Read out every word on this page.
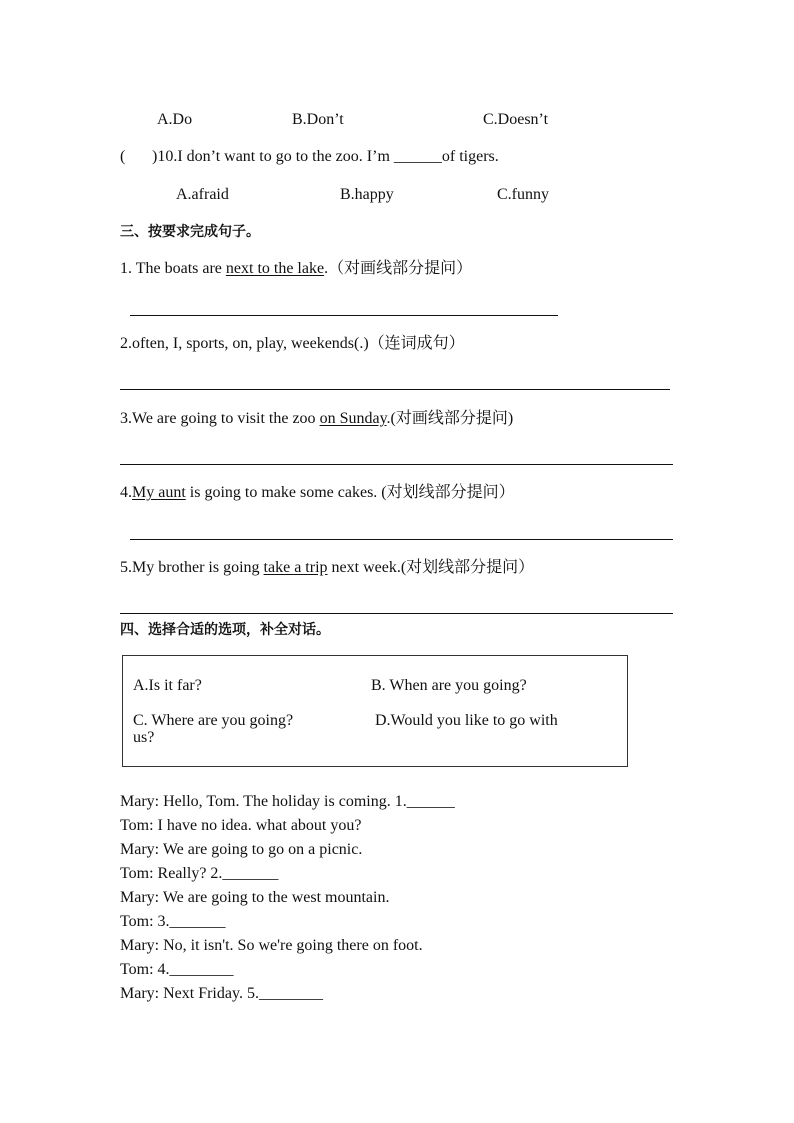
A.Do	B.Don’t	C.Doesn’t
( )10.I don’t want to go to the zoo. I’m ______of tigers.
A.afraid	B.happy	C.funny
三、按要求完成句子。
1. The boats are next to the lake.（对画线部分提问）
2.often, I, sports, on, play, weekends(.)（连词成句）
3.We are going to visit the zoo on Sunday.(对画线部分提问)
4.My aunt is going to make some cakes. (对划线部分提问）
5.My brother is going take a trip next week.(对划线部分提问）
四、选择合适的选项，补全对话。
A.Is it far?	B. When are you going?
C. Where are you going?	D.Would you like to go with
us?
Mary: Hello, Tom. The holiday is coming. 1.______
Tom: I have no idea. what about you?
Mary: We are going to go on a picnic.
Tom: Really? 2._______
Mary: We are going to the west mountain.
Tom: 3._______
Mary: No, it isn't. So we're going there on foot.
Tom: 4.________
Mary: Next Friday. 5.________
